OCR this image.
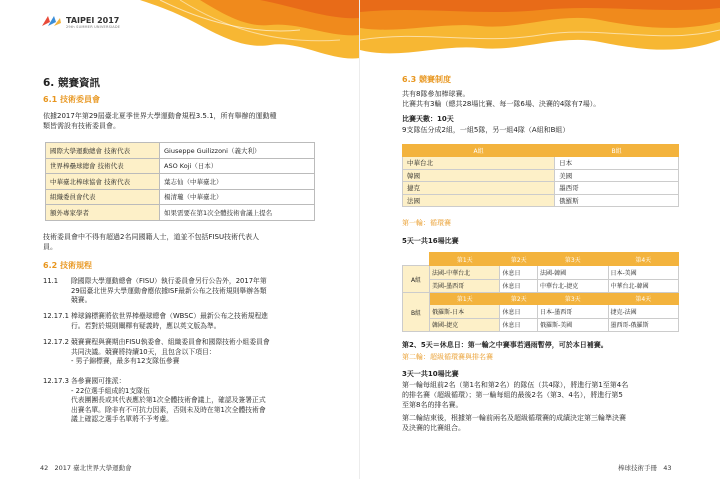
TAIPEI 2017
29th SUMMER UNIVERSIADE
6. 競賽資訊
6.1 技術委員會
依據2017年第29屆臺北夏季世界大學運動會規程3.5.1，所有舉辦的運動種
類皆需設有技術委員會。
國際大學運動總會 技術代表	Giuseppe Guilizzoni（義大利）
世界棒壘球總會 技術代表	ASO Koji（日本）
中華臺北棒球協會 技術代表	葉志仙（中華臺北）
組織委員會代表	楊清瓏（中華臺北）
額外專家學者	如果需要在第1次全體技術會議上提名
技術委員會中不得有超過2名同國籍人士，道並不包括FISU技術代表人
員。
6.2 技術規程
11.1	除國際大學運動總會（FISU）執行委員會另行公告外，2017年第
29屆臺北世界大學運動會應依據ISF最新公布之技術規則舉辦各類
競賽。
12.17.1 棒球錦標賽將依世界棒壘球總會（WBSC）最新公布之技術規程進
行。若對於規則闡釋有疑義時，應以英文版為準。
12.17.2 競賽賽程與賽期由FISU執委會、組織委員會和國際技術小組委員會
共同決議。競賽將持續10天，且包含以下項目：
- 男子錦標賽，最多有12支隊伍參賽
12.17.3 各參賽國可推派：
- 22位選手組成的1支隊伍
代表團團長或其代表應於第1次全體技術會議上，確認及簽署正式
出賽名單。除非有不可抗力因素，否則未及時在第1次全體技術會
議上確認之選手名單將不予考慮。
42 2017 臺北世界大學運動會
6.3 競賽制度
共有8隊參加棒球賽。
比賽共有3輪（總共28場比賽、每一隊6場、決賽的4隊有7場）。
比賽天數：10天
9支隊伍分成2組，一組5隊，另一組4隊（A組和B組）
A組	B組
中華台北	日本
韓國	美國
捷克	墨西哥
法國	俄羅斯
第一輪：循環賽
5天一共16場比賽
	第1天	第2天	第3天	第4天
A組	法國-中華台北	休息日	法國-韓國	日本-美國
	美國-墨西哥	休息日	中華台北-捷克	中華台北-韓國
B組	第1天	第2天	第3天	第4天
	俄羅斯-日本	休息日	日本-墨西哥	捷克-法國
	韓國-捷克	休息日	俄羅斯-美國	墨西哥-俄羅斯
第2、5天＝休息日：第一輪之中賽事若遇雨暫停，可於本日補賽。
第二輪：超級循環賽與排名賽
3天一共10場比賽
第一輪每組前2名（第1名和第2名）的隊伍（共4隊），將進行第1至第4名
的排名賽（超級循環）；第一輪每組的最後2名（第3、4名），將進行第5
至第8名的排名賽。
第二輪結束後，根據第一輪前兩名及超級循環賽的成績決定第三輪準決賽
及決賽的比賽組合。
棒球技術手冊 43
